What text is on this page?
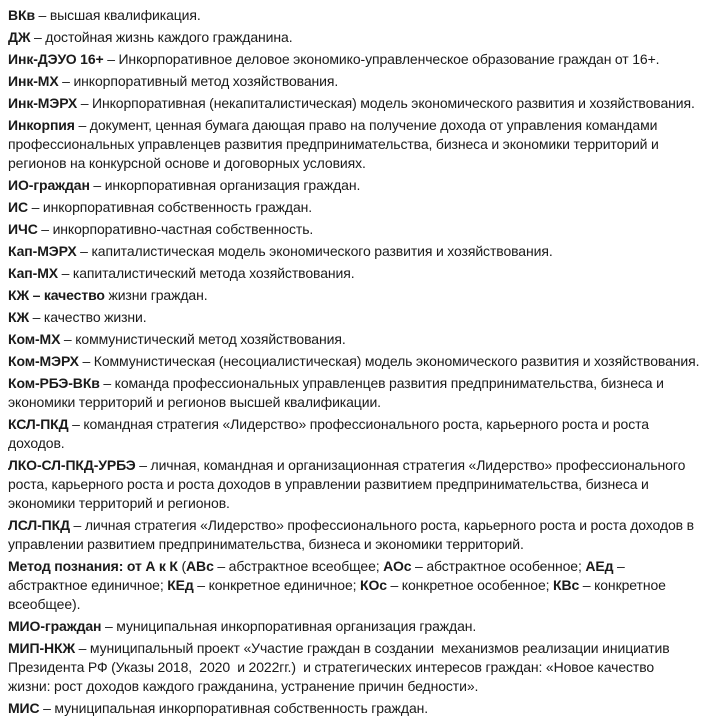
ВКв – высшая квалификация.

ДЖ – достойная жизнь каждого гражданина.

Инк-ДЭУО 16+ – Инкорпоративное деловое экономико-управленческое образование граждан от 16+.

Инк-МХ – инкорпоративный метод хозяйствования.

Инк-МЭРХ – Инкорпоративная (некапиталистическая) модель экономического развития и хозяйствования.

Инкорпия – документ, ценная бумага дающая право на получение дохода от управления командами профессиональных управленцев развития предпринимательства, бизнеса и экономики территорий и регионов на конкурсной основе и договорных условиях.

ИО-граждан – инкорпоративная организация граждан.

ИС – инкорпоративная собственность граждан.

ИЧС – инкорпоративно-частная собственность.

Кап-МЭРХ – капиталистическая модель экономического развития и хозяйствования.

Кап-МХ – капиталистический метода хозяйствования.

КЖ – качество жизни граждан.

КЖ – качество жизни.

Ком-МХ – коммунистический метод хозяйствования.

Ком-МЭРХ – Коммунистическая (несоциалистическая) модель экономического развития и хозяйствования.

Ком-РБЭ-ВКв – команда профессиональных управленцев развития предпринимательства, бизнеса и экономики территорий и регионов высшей квалификации.

КСЛ-ПКД – командная стратегия «Лидерство» профессионального роста, карьерного роста и роста доходов.

ЛКО-СЛ-ПКД-УРБЭ – личная, командная и организационная стратегия «Лидерство» профессионального роста, карьерного роста и роста доходов в управлении развитием предпринимательства, бизнеса и экономики территорий и регионов.

ЛСЛ-ПКД – личная стратегия «Лидерство» профессионального роста, карьерного роста и роста доходов в управлении развитием предпринимательства, бизнеса и экономики территорий.

Метод познания: от А к К (АВс – абстрактное всеобщее; АОс – абстрактное особенное; АЕд – абстрактное единичное; КЕд – конкретное единичное; КОс – конкретное особенное; КВс – конкретное всеобщее).

МИО-граждан – муниципальная инкорпоративная организация граждан.

МИП-НКЖ – муниципальный проект «Участие граждан в создании  механизмов реализации инициатив Президента РФ (Указы 2018,  2020  и 2022гг.)  и стратегических интересов граждан: «Новое качество жизни: рост доходов каждого гражданина, устранение причин бедности».

МИС – муниципальная инкорпоративная собственность граждан.
